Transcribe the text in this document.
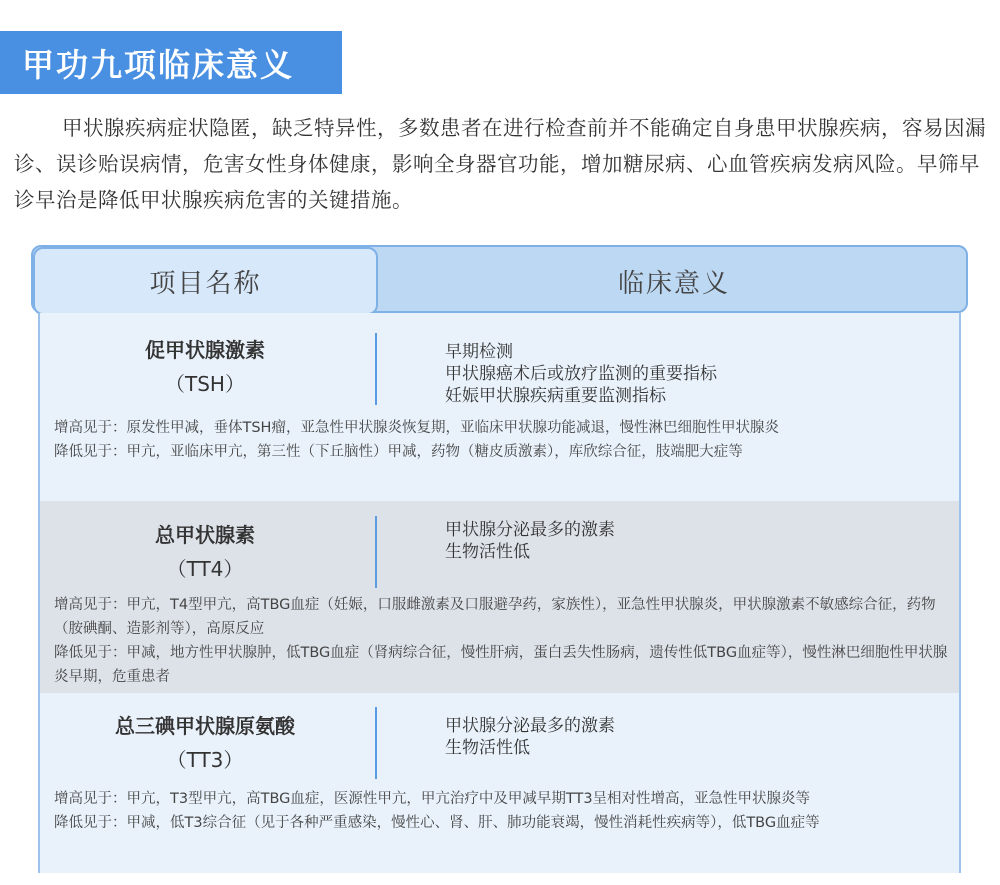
甲功九项临床意义
甲状腺疾病症状隐匿，缺乏特异性，多数患者在进行检查前并不能确定自身患甲状腺疾病，容易因漏诊、误诊贻误病情，危害女性身体健康，影响全身器官功能，增加糖尿病、心血管疾病发病风险。早筛早诊早治是降低甲状腺疾病危害的关键措施。
项目名称	临床意义
促甲状腺激素
（TSH）
早期检测
甲状腺癌术后或放疗监测的重要指标
妊娠甲状腺疾病重要监测指标
增高见于：原发性甲减，垂体TSH瘤，亚急性甲状腺炎恢复期，亚临床甲状腺功能减退，慢性淋巴细胞性甲状腺炎
降低见于：甲亢，亚临床甲亢，第三性（下丘脑性）甲减，药物（糖皮质激素），库欣综合征，肢端肥大症等
总甲状腺素
（TT4）
甲状腺分泌最多的激素
生物活性低
增高见于：甲亢，T4型甲亢，高TBG血症（妊娠，口服雌激素及口服避孕药，家族性），亚急性甲状腺炎，甲状腺激素不敏感综合征，药物（胺碘酮、造影剂等），高原反应
降低见于：甲减，地方性甲状腺肿，低TBG血症（肾病综合征，慢性肝病，蛋白丢失性肠病，遗传性低TBG血症等），慢性淋巴细胞性甲状腺炎早期，危重患者
总三碘甲状腺原氨酸
（TT3）
甲状腺分泌最多的激素
生物活性低
增高见于：甲亢，T3型甲亢，高TBG血症，医源性甲亢，甲亢治疗中及甲减早期TT3呈相对性增高，亚急性甲状腺炎等
降低见于：甲减，低T3综合征（见于各种严重感染，慢性心、肾、肝、肺功能衰竭，慢性消耗性疾病等），低TBG血症等
